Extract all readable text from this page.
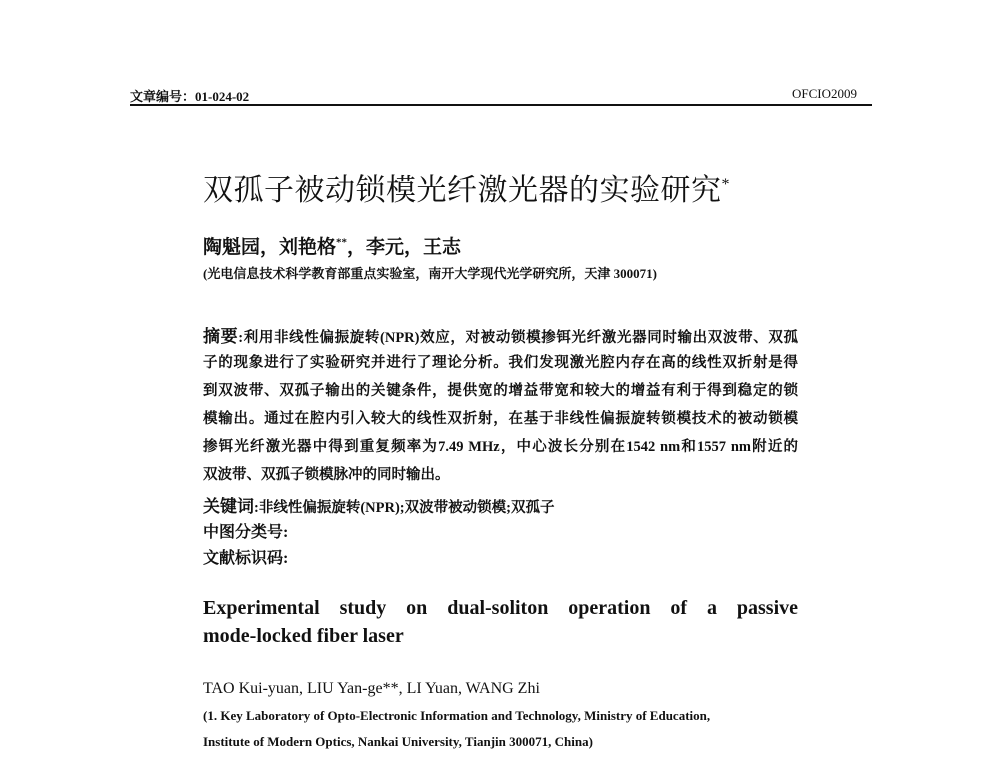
文章编号：01-024-02	OFCIO2009
双孤子被动锁模光纤激光器的实验研究*
陶魁园，刘艳格**，李元，王志
(光电信息技术科学教育部重点实验室，南开大学现代光学研究所，天津 300071)
摘要:利用非线性偏振旋转(NPR)效应，对被动锁模掺铒光纤激光器同时输出双波带、双孤
子的现象进行了实验研究并进行了理论分析。我们发现激光腔内存在高的线性双折射是得
到双波带、双孤子输出的关键条件，提供宽的增益带宽和较大的增益有利于得到稳定的锁
模输出。通过在腔内引入较大的线性双折射，在基于非线性偏振旋转锁模技术的被动锁模
掺铒光纤激光器中得到重复频率为7.49 MHz，中心波长分别在1542 nm和1557 nm附近的
双波带、双孤子锁模脉冲的同时输出。
关键词:非线性偏振旋转(NPR);双波带被动锁模;双孤子
中图分类号:
文献标识码:
Experimental study on dual-soliton operation of a passive
mode-locked fiber laser
TAO Kui-yuan, LIU Yan-ge**, LI Yuan, WANG Zhi
(1. Key Laboratory of Opto-Electronic Information and Technology, Ministry of Education,
Institute of Modern Optics, Nankai University, Tianjin 300071, China)
